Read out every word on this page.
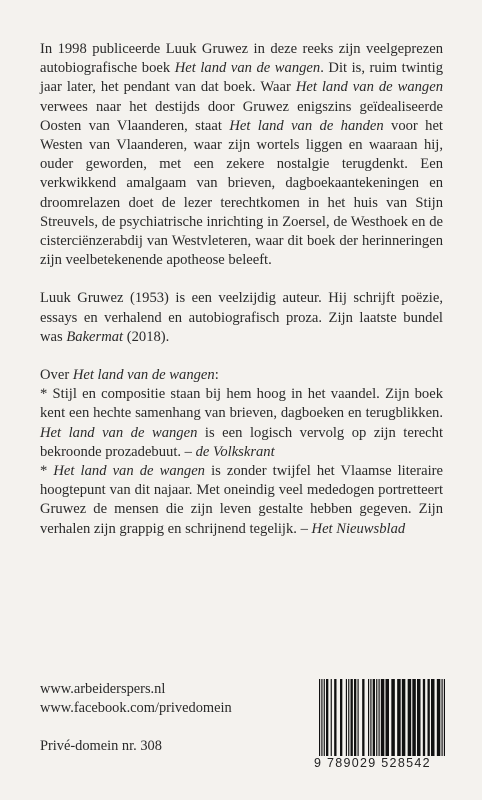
In 1998 publiceerde Luuk Gruwez in deze reeks zijn veelgeprezen autobiografische boek Het land van de wangen. Dit is, ruim twintig jaar later, het pendant van dat boek. Waar Het land van de wangen verwees naar het destijds door Gruwez enigszins geïdealiseerde Oosten van Vlaanderen, staat Het land van de handen voor het Westen van Vlaanderen, waar zijn wortels liggen en waaraan hij, ouder geworden, met een zekere nostalgie terugdenkt. Een verkwikkend amalgaam van brieven, dagboekaantekeningen en droomrelazen doet de lezer terechtkomen in het huis van Stijn Streuvels, de psychiatrische inrichting in Zoersel, de Westhoek en de cisterciënzerabdij van Westvleteren, waar dit boek der herinneringen zijn veelbetekenende apotheose beleeft.

Luuk Gruwez (1953) is een veelzijdig auteur. Hij schrijft poëzie, essays en verhalend en autobiografisch proza. Zijn laatste bundel was Bakermat (2018).

Over Het land van de wangen:
* Stijl en compositie staan bij hem hoog in het vaandel. Zijn boek kent een hechte samenhang van brieven, dagboeken en terugblikken. Het land van de wangen is een logisch vervolg op zijn terecht bekroonde prozadebuut. – de Volkskrant
* Het land van de wangen is zonder twijfel het Vlaamse literaire hoogtepunt van dit najaar. Met oneindig veel mededogen portretteert Gruwez de mensen die zijn leven gestalte hebben gegeven. Zijn verhalen zijn grappig en schrijnend tegelijk. – Het Nieuwsblad
www.arbeiderspers.nl
www.facebook.com/privedomein
Privé-domein nr. 308
9 789029 528542
